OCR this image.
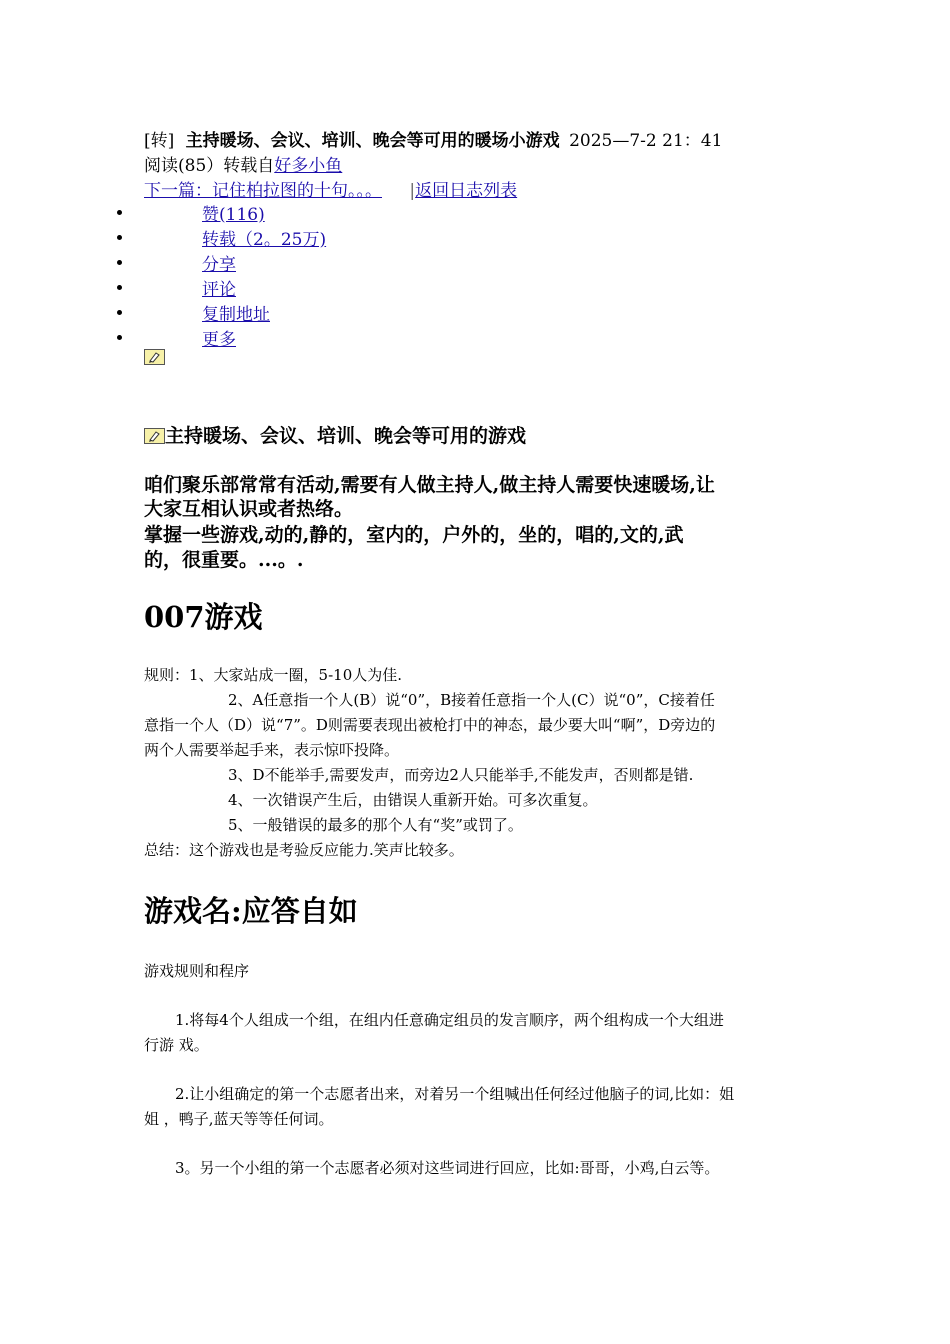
[转] 主持暖场、会议、培训、晚会等可用的暖场小游戏 2025—7-2 21：41
阅读(85）转载自好多小鱼
下一篇：记住柏拉图的十句。。。 |返回日志列表
赞(116)
转载（2。25万)
分享
评论
复制地址
更多
主持暖场、会议、培训、晚会等可用的游戏
咱们聚乐部常常有活动,需要有人做主持人,做主持人需要快速暖场,让
大家互相认识或者热络。
掌握一些游戏,动的,静的，室内的，户外的，坐的，唱的,文的,武
的，很重要。...。.
007游戏
规则：1、大家站成一圈，5-10人为佳.
2、A任意指一个人(B）说“0”，B接着任意指一个人(C）说“0”，C接着任
意指一个人（D）说“7”。D则需要表现出被枪打中的神态，最少要大叫“啊”，D旁边的
两个人需要举起手来，表示惊吓投降。
3、D不能举手,需要发声，而旁边2人只能举手,不能发声，否则都是错.
4、一次错误产生后，由错误人重新开始。可多次重复。
5、一般错误的最多的那个人有“奖”或罚了。
总结：这个游戏也是考验反应能力.笑声比较多。
游戏名:应答自如
游戏规则和程序
1.将每4个人组成一个组，在组内任意确定组员的发言顺序，两个组构成一个大组进
行游 戏。
2.让小组确定的第一个志愿者出来，对着另一个组喊出任何经过他脑子的词,比如：姐
姐 ，鸭子,蓝天等等任何词。
3。另一个小组的第一个志愿者必须对这些词进行回应，比如:哥哥，小鸡,白云等。
